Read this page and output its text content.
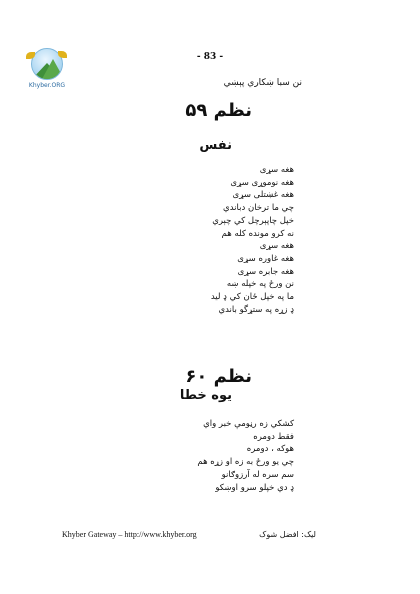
Khyber.ORG
- 83 -
نن سبا ښکاري پېښي
نظم ۵۹
نفس
هغه سړی
هغه نوموړی سړی
هغه غښتلی سړی
چي ما ترخان دباندي
خپل چاپېرچل کي چېري
نه کرو مونده کله هم
هغه سړی
هغه غاوره سړی
هغه جابره سړی
نن ورځ په خپله ښه
ما په خپل ځان کي ډ لید
ډ زړه په ستړگو باندي
نظم ۶۰
يوه خطا
کشکي زه رڼومې خبر واي
فقط دومره
هوکه ، دومره
چي يو ورځ به زه او زړه هم
سم سره له آرزوګانو
ډ دي خپلو سرو اوښکو
Khyber Gateway – http://www.khyber.org	ليک: افضل شوک
